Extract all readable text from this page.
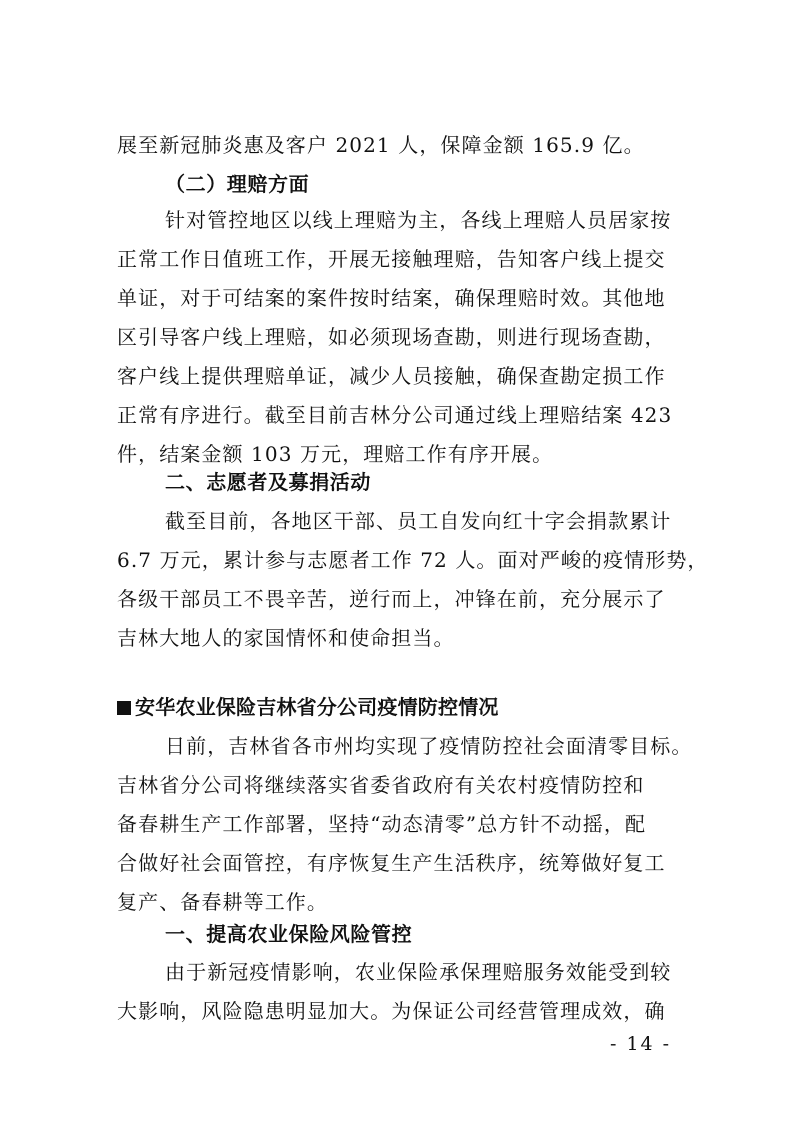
展至新冠肺炎惠及客户 2021 人，保障金额 165.9 亿。
（二）理赔方面
针对管控地区以线上理赔为主，各线上理赔人员居家按
正常工作日值班工作，开展无接触理赔，告知客户线上提交
单证，对于可结案的案件按时结案，确保理赔时效。其他地
区引导客户线上理赔，如必须现场查勘，则进行现场查勘，
客户线上提供理赔单证，减少人员接触，确保查勘定损工作
正常有序进行。截至目前吉林分公司通过线上理赔结案 423
件，结案金额 103 万元，理赔工作有序开展。
二、志愿者及募捐活动
截至目前，各地区干部、员工自发向红十字会捐款累计
6.7 万元，累计参与志愿者工作 72 人。面对严峻的疫情形势，
各级干部员工不畏辛苦，逆行而上，冲锋在前，充分展示了
吉林大地人的家国情怀和使命担当。
安华农业保险吉林省分公司疫情防控情况
日前，吉林省各市州均实现了疫情防控社会面清零目标。
吉林省分公司将继续落实省委省政府有关农村疫情防控和
备春耕生产工作部署，坚持“动态清零”总方针不动摇，配
合做好社会面管控，有序恢复生产生活秩序，统筹做好复工
复产、备春耕等工作。
一、提高农业保险风险管控
由于新冠疫情影响，农业保险承保理赔服务效能受到较
大影响，风险隐患明显加大。为保证公司经营管理成效，确
- 14 -
